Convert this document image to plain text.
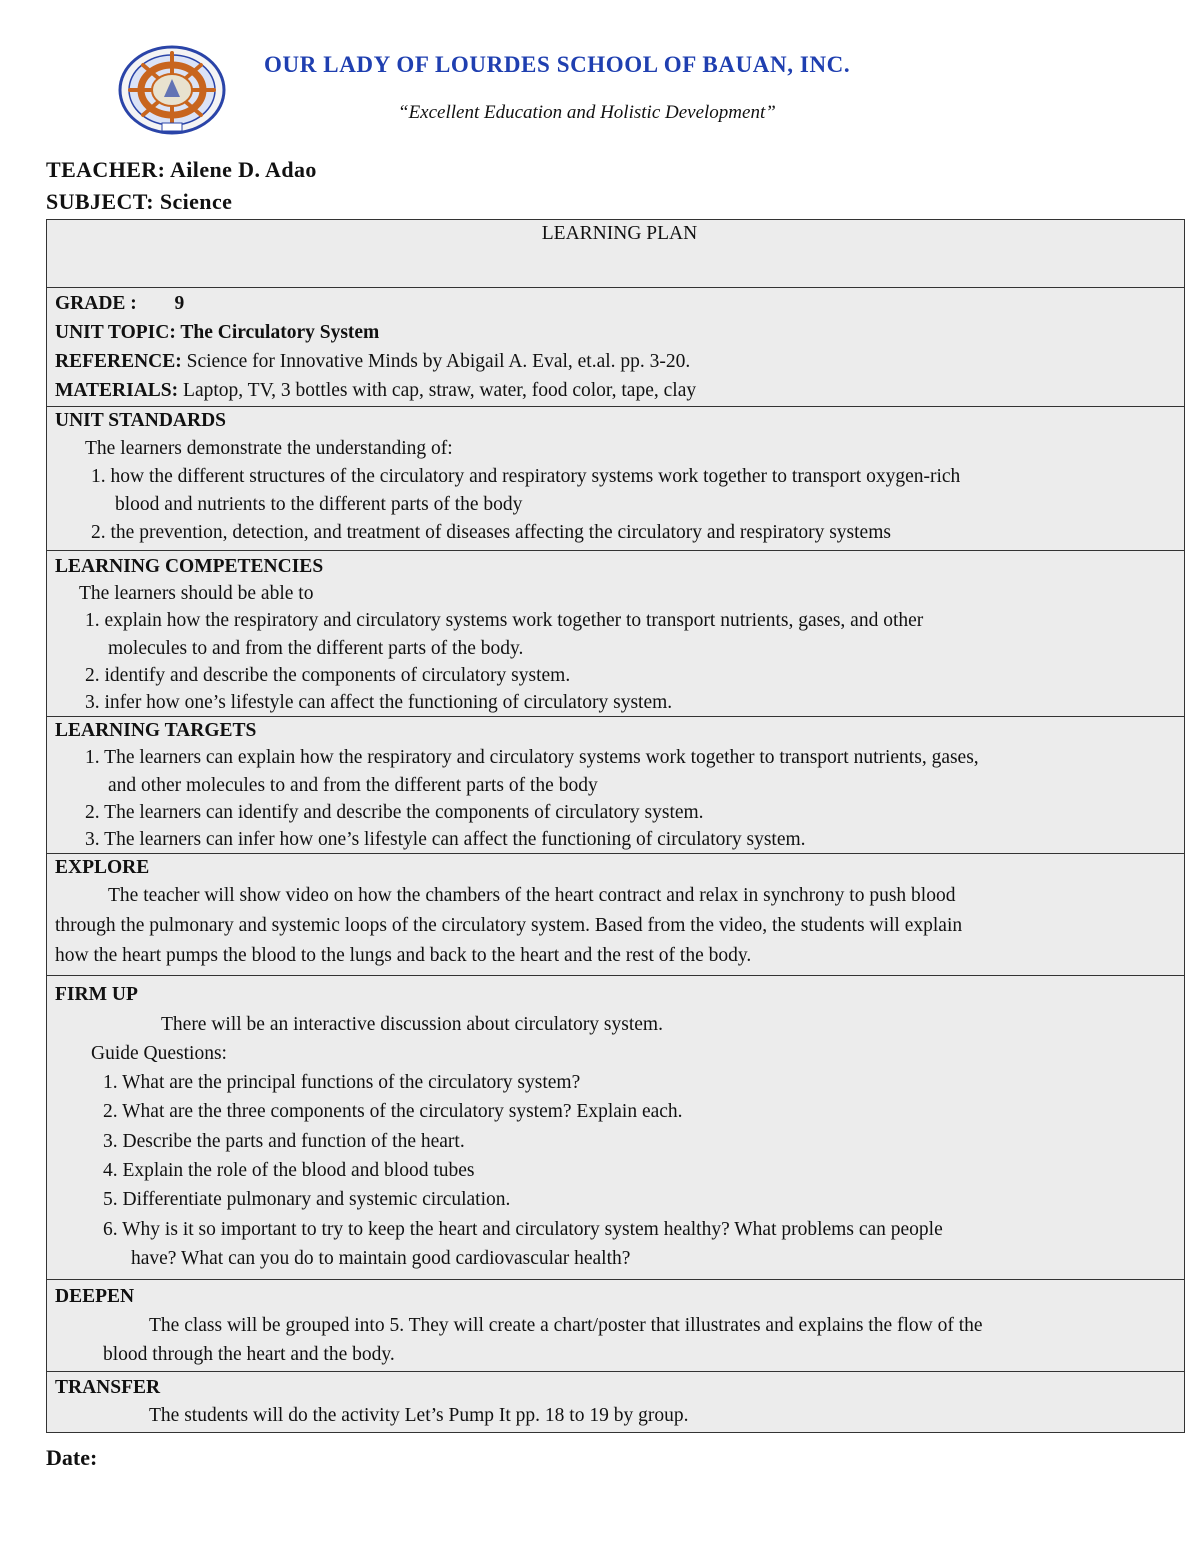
OUR LADY OF LOURDES SCHOOL OF BAUAN, INC.
“Excellent Education and Holistic Development”
TEACHER: Ailene D. Adao
SUBJECT: Science
LEARNING PLAN
GRADE : 9
UNIT TOPIC: The Circulatory System
REFERENCE: Science for Innovative Minds by Abigail A. Eval, et.al. pp. 3-20.
MATERIALS: Laptop, TV, 3 bottles with cap, straw, water, food color, tape, clay
UNIT STANDARDS
The learners demonstrate the understanding of:
1. how the different structures of the circulatory and respiratory systems work together to transport oxygen-rich
blood and nutrients to the different parts of the body
2. the prevention, detection, and treatment of diseases affecting the circulatory and respiratory systems
LEARNING COMPETENCIES
The learners should be able to
1. explain how the respiratory and circulatory systems work together to transport nutrients, gases, and other
molecules to and from the different parts of the body.
2. identify and describe the components of circulatory system.
3. infer how one’s lifestyle can affect the functioning of circulatory system.
LEARNING TARGETS
1. The learners can explain how the respiratory and circulatory systems work together to transport nutrients, gases,
and other molecules to and from the different parts of the body
2. The learners can identify and describe the components of circulatory system.
3. The learners can infer how one’s lifestyle can affect the functioning of circulatory system.
EXPLORE
The teacher will show video on how the chambers of the heart contract and relax in synchrony to push blood
through the pulmonary and systemic loops of the circulatory system. Based from the video, the students will explain
how the heart pumps the blood to the lungs and back to the heart and the rest of the body.
FIRM UP
There will be an interactive discussion about circulatory system.
Guide Questions:
1. What are the principal functions of the circulatory system?
2. What are the three components of the circulatory system? Explain each.
3. Describe the parts and function of the heart.
4. Explain the role of the blood and blood tubes
5. Differentiate pulmonary and systemic circulation.
6. Why is it so important to try to keep the heart and circulatory system healthy? What problems can people
have? What can you do to maintain good cardiovascular health?
DEEPEN
The class will be grouped into 5. They will create a chart/poster that illustrates and explains the flow of the
blood through the heart and the body.
TRANSFER
The students will do the activity Let’s Pump It pp. 18 to 19 by group.
Date:
